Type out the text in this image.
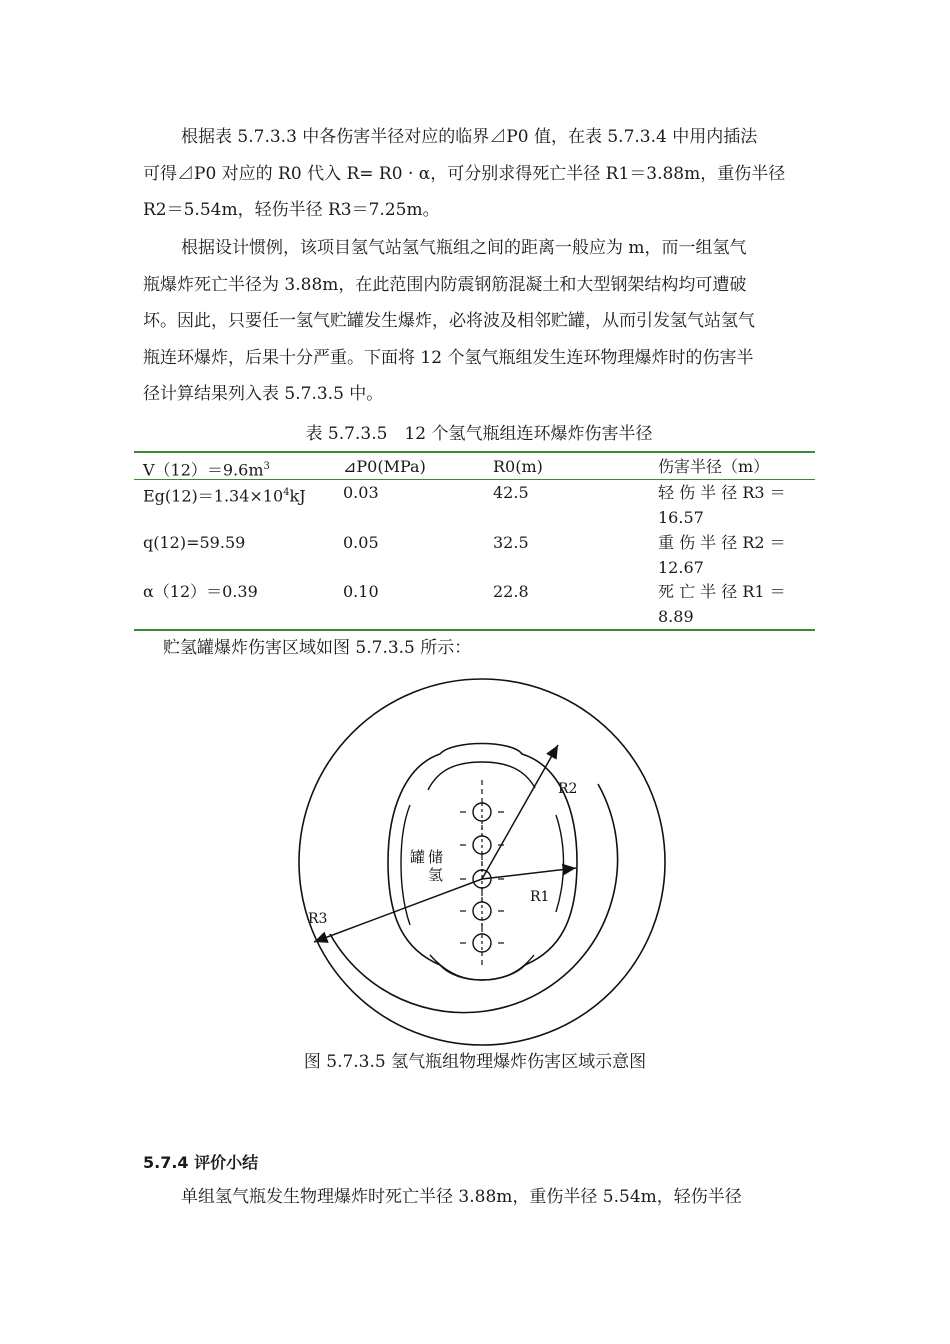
根据表 5.7.3.3 中各伤害半径对应的临界⊿P0 值，在表 5.7.3.4 中用内插法
可得⊿P0 对应的 R0 代入 R= R0 · α，可分别求得死亡半径 R1＝3.88m，重伤半径
R2＝5.54m，轻伤半径 R3＝7.25m。
根据设计惯例，该项目氢气站氢气瓶组之间的距离一般应为 m，而一组氢气
瓶爆炸死亡半径为 3.88m，在此范围内防震钢筋混凝土和大型钢架结构均可遭破
坏。因此，只要任一氢气贮罐发生爆炸，必将波及相邻贮罐，从而引发氢气站氢气
瓶连环爆炸，后果十分严重。下面将 12 个氢气瓶组发生连环物理爆炸时的伤害半
径计算结果列入表 5.7.3.5 中。

表 5.7.3.5　12 个氢气瓶组连环爆炸伤害半径

$V(12)=9.6m^3$	⊿P0(MPa)	R0(m)	伤害半径（m）
$Eg(12)=1.34\times 10^4kJ$ 0.03	42.5	轻 伤 半 径 R3 ＝
16.57
q(12)=59.59	0.05	32.5	重 伤 半 径 R2 ＝
12.67
α（12）＝0.39	0.10	22.8	死 亡 半 径 R1 ＝
8.89

贮氢罐爆炸伤害区域如图 5.7.3.5 所示：

R2
R1
R3
罐 储
氢

图 5.7.3.5 氢气瓶组物理爆炸伤害区域示意图

5.7.4 评价小结
单组氢气瓶发生物理爆炸时死亡半径 3.88m，重伤半径 5.54m，轻伤半径
